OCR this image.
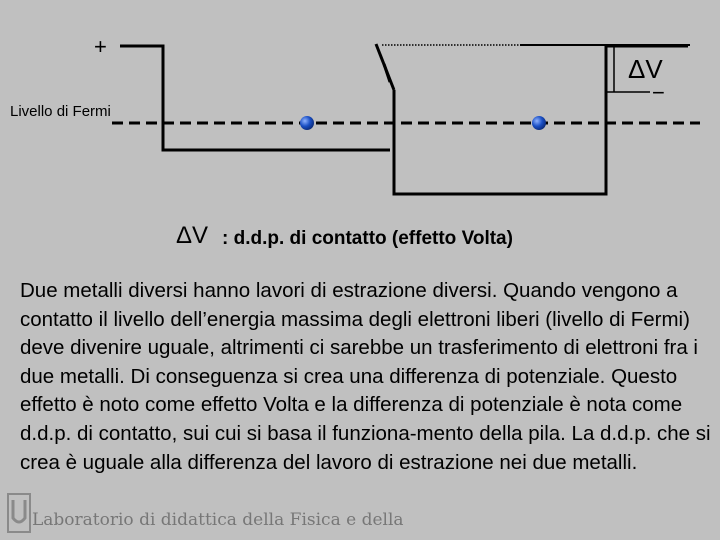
+
−
Livello di Fermi
ΔV
ΔV : d.d.p. di contatto (effetto Volta)
Due metalli diversi hanno lavori di estrazione diversi. Quando vengono a contatto il livello dell’energia massima degli elettroni liberi (livello di Fermi) deve divenire uguale, altrimenti ci sarebbe un trasferimento di elettroni fra i due metalli. Di conseguenza si crea una differenza di potenziale. Questo effetto è noto come effetto Volta e la differenza di potenziale è nota come d.d.p. di contatto, sui cui si basa il funziona-mento della pila. La d.d.p. che si crea è uguale alla differenza del lavoro di estrazione nei due metalli.
Laboratorio di didattica della Fisica e della
